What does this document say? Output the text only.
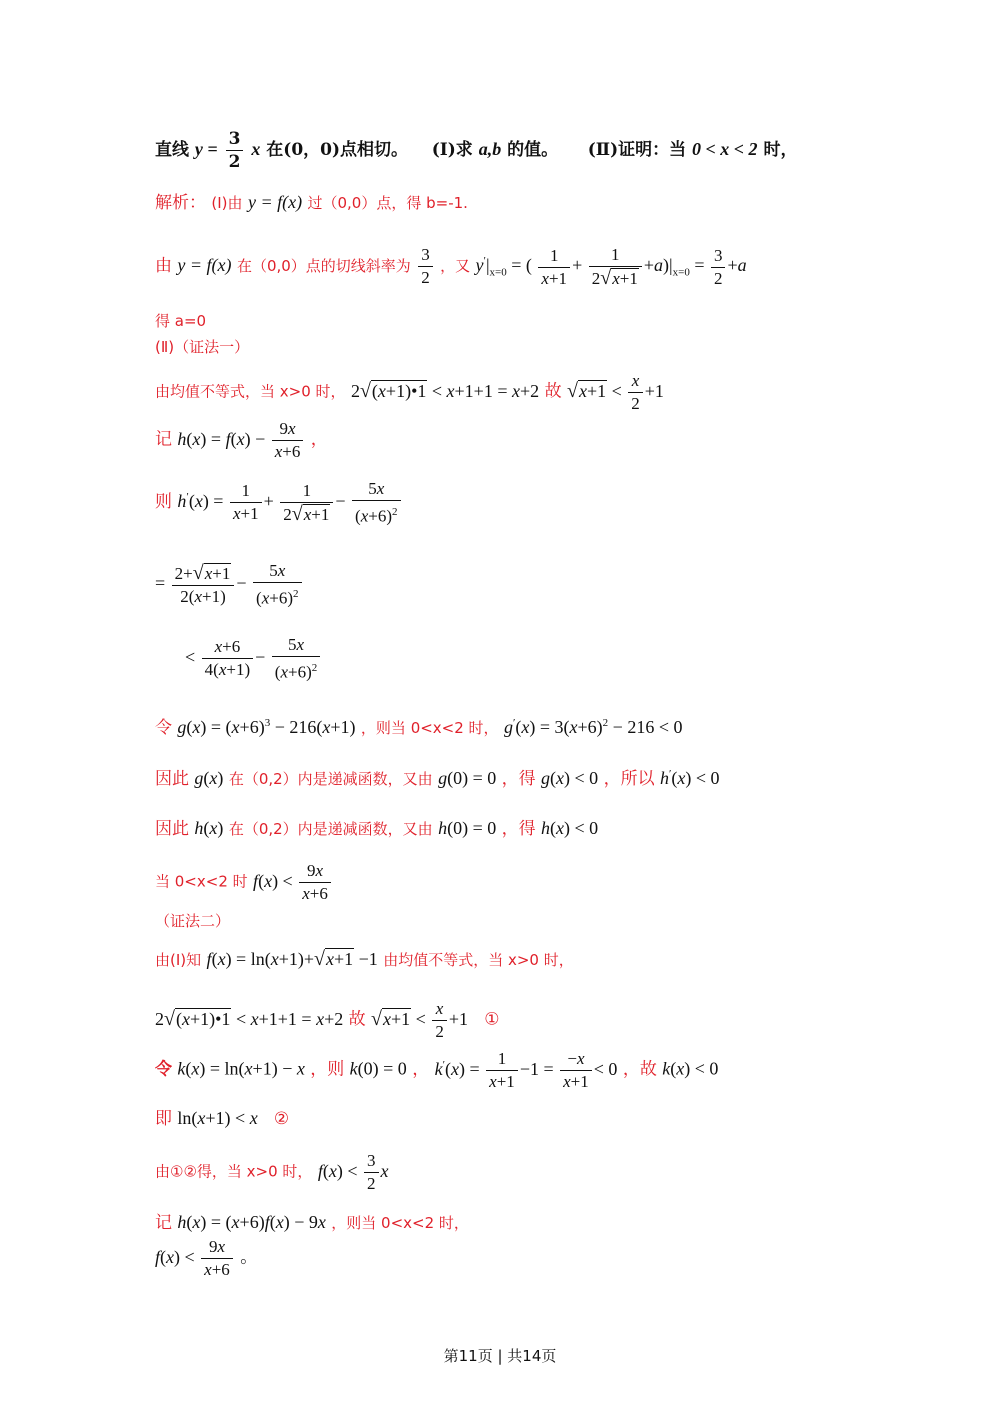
直线 $y = \frac{3}{2}$ x 在(0，0)点相切。 (Ⅰ)求 a,b 的值。 (Ⅱ)证明：当 0 < x < 2 时，
解析： (Ⅰ)由 y = f(x) 过（0,0）点，得 b=-1.
由 y = f(x) 在（0,0）点的切线斜率为 $\frac{3}{2}$ ，又 $y'|_{x=0}$ = ( $\frac{1}{x+1} + \frac{1}{2√x+1} +a)|_{x=0} = \frac{3}{2} +a$
得 a=0
(Ⅱ)（证法一）
由均值不等式，当 x>0 时， 2√(x+1)•1 < x+1+1 = x+2 故 $√x+1 < \frac{x}{2} +1$
记 $h(x) = f(x) - \frac{9x}{x+6}$ ，
则 $h'(x) = \frac{1}{x+1} + \frac{1}{2√x+1} - \frac{5x}{(x+6)^2}$
= $\frac{2+√x+1}{2(x+1)} - \frac{5x}{(x+6)^2}$
< $\frac{x+6}{4(x+1)} - \frac{5x}{(x+6)^2}$
令 $g(x) = (x+6)^3 - 216(x+1)$ ，则当 0<x<2 时， $g'(x) = 3(x+6)^2 - 216 < 0$
因此 g(x) 在（0,2）内是递减函数，又由 g(0) = 0 ，得 g(x) < 0 ，所以 h′(x) < 0
因此 h(x) 在（0,2）内是递减函数，又由 h(0) = 0 ，得 h(x) < 0
当 0<x<2 时 $f(x) < \frac{9x}{x+6}$
（证法二）
由(Ⅰ)知 f(x) = ln(x+1)+√x+1 −1 由均值不等式，当 x>0 时，
2√(x+1)•1 < x+1+1 = x+2 故 $√x+1 < \frac{x}{2} +1$ ①
令 k(x) = ln(x+1) − x ，则 k(0) = 0 ， $k'(x) = \frac{1}{x+1} -1 = \frac{-x}{x+1} < 0$ ，故 k(x) < 0
即 ln(x+1) < x ②
由①②得，当 x>0 时， $f(x) < \frac{3}{2}$ x
记 h(x) = (x+6)f(x) − 9x ，则当 0<x<2 时，
$f(x) < \frac{9x}{x+6}$ 。
第11页 | 共14页
